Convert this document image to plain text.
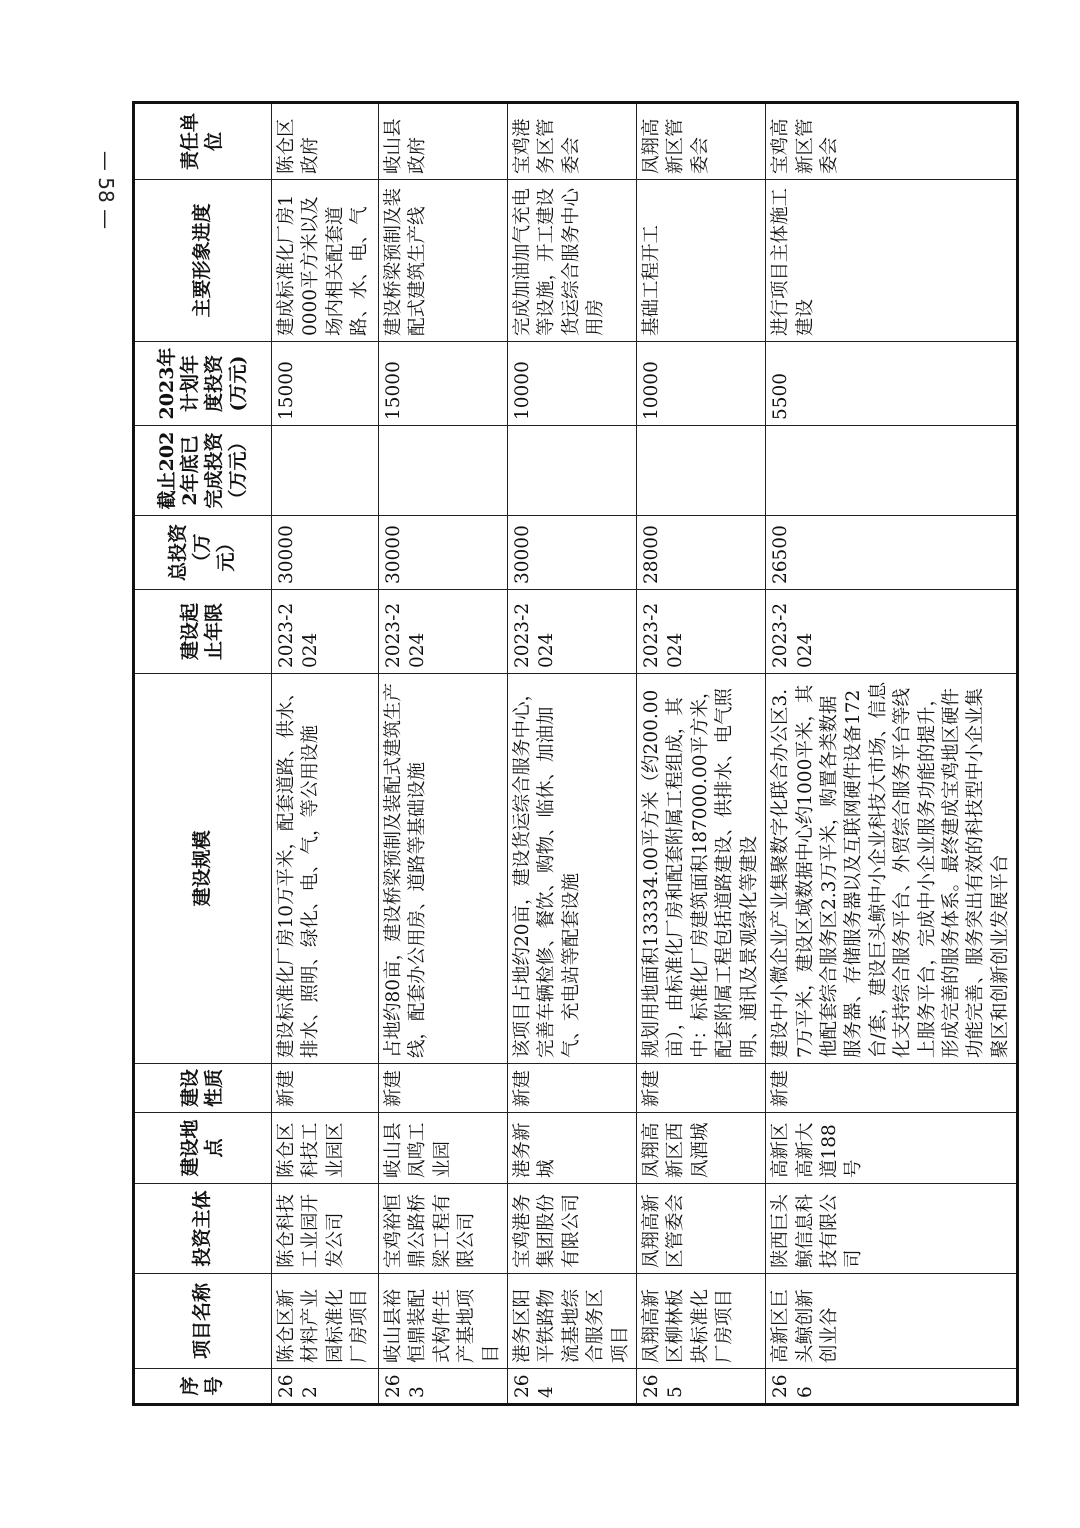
— 58 —
序号	项目名称	投资主体	建设地点	建设性质	建设规模	建设起止年限	总投资（万元）	截止2022年底已完成投资（万元）	2023年计划年度投资(万元)	主要形象进度	责任单位
262	陈仓区新材料产业园标准化厂房项目	陈仓科技工业园开发公司	陈仓区科技工业园区	新建	建设标准化厂房10万平米，配套道路、供水、排水、照明、绿化、电、气，等公用设施	2023-2024	30000		15000	建成标准化厂房10000平方米以及场内相关配套道路、水、电、气	陈仓区政府
263	岐山县裕恒鼎装配式构件生产基地项目	宝鸡裕恒鼎公路桥梁工程有限公司	岐山县凤鸣工业园	新建	占地约80亩，建设桥梁预制及装配式建筑生产线，配套办公用房、道路等基础设施	2023-2024	30000		15000	建设桥梁预制及装配式建筑生产线	岐山县政府
264	港务区阳平铁路物流基地综合服务区项目	宝鸡港务集团股份有限公司	港务新城	新建	该项目占地约20亩，建设货运综合服务中心，完善车辆检修、餐饮、购物、临休、加油加气、充电站等配套设施	2023-2024	30000		10000	完成加油加气充电等设施，开工建设货运综合服务中心用房	宝鸡港务区管委会
265	凤翔高新区柳林板块标准化厂房项目	凤翔高新区管委会	凤翔高新区西凤酒城	新建	规划用地面积133334.00平方米（约200.00亩），由标准化厂房和配套附属工程组成，其中：标准化厂房建筑面积187000.00平方米，配套附属工程包括道路建设、供排水、电气照明、通讯及景观绿化等建设	2023-2024	28000		10000	基础工程开工	凤翔高新区管委会
266	高新区巨头鲸创新创业谷	陕西巨头鲸信息科技有限公司	高新区高新大道188号	新建	建设中小微企业产业集聚数字化联合办公区3.7万平米，建设区域数据中心约1000平米，其他配套综合服务区2.3万平米，购置各类数据服务器、存储服务器以及互联网硬件设备172台/套，建设巨头鲸中小企业科技大市场、信息化支持综合服务平台、外贸综合服务平台等线上服务平台，完成中小企业服务功能的提升，形成完善的服务体系。最终建成宝鸡地区硬件功能完善、服务突出有效的科技型中小企业集聚区和创新创业发展平台	2023-2024	26500		5500	进行项目主体施工建设	宝鸡高新区管委会
